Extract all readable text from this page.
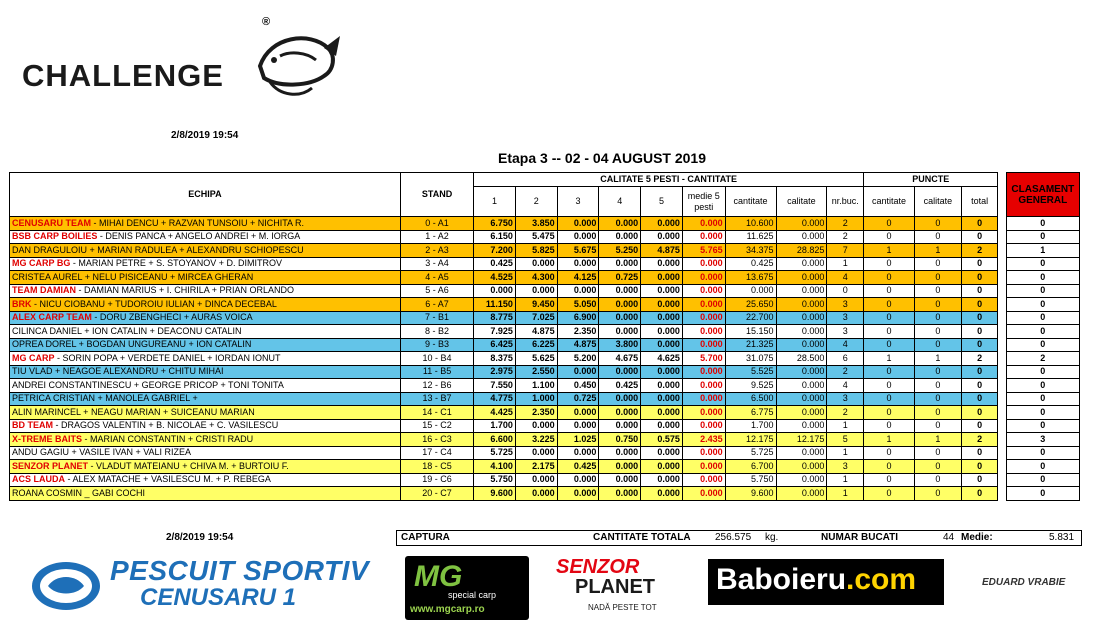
CHALLENGE
®
2/8/2019 19:54
Etapa 3 -- 02 - 04 AUGUST 2019
ECHIPA	STAND	CALITATE 5 PESTI - CANTITATE									PUNCTE				CLASAMENT GENERAL
		1	2	3	4	5	medie 5 pesti	cantitate	calitate	nr.buc.	cantitate	calitate	total		
CENUSARU TEAM - MIHAI DENCU + RAZVAN TUNSOIU + NICHITA R.	0 - A1	6.750	3.850	0.000	0.000	0.000	0.000	10.600	0.000	2	0	0	0		0
BSB CARP BOILIES - DENIS PANCA + ANGELO ANDREI + M. IORGA	1 - A2	6.150	5.475	0.000	0.000	0.000	0.000	11.625	0.000	2	0	0	0		0
DAN DRAGULOIU + MARIAN RADULEA + ALEXANDRU SCHIOPESCU	2 - A3	7.200	5.825	5.675	5.250	4.875	5.765	34.375	28.825	7	1	1	2		1
MG CARP BG - MARIAN PETRE + S. STOYANOV + D. DIMITROV	3 - A4	0.425	0.000	0.000	0.000	0.000	0.000	0.425	0.000	1	0	0	0		0
CRISTEA AUREL + NELU PISICEANU + MIRCEA GHERAN	4 - A5	4.525	4.300	4.125	0.725	0.000	0.000	13.675	0.000	4	0	0	0		0
TEAM DAMIAN - DAMIAN MARIUS + I. CHIRILA + PRIAN ORLANDO	5 - A6	0.000	0.000	0.000	0.000	0.000	0.000	0.000	0.000	0	0	0	0		0
BRK - NICU CIOBANU + TUDOROIU IULIAN + DINCA DECEBAL	6 - A7	11.150	9.450	5.050	0.000	0.000	0.000	25.650	0.000	3	0	0	0		0
ALEX CARP TEAM - DORU ZBENGHECI + AURAS VOICA	7 - B1	8.775	7.025	6.900	0.000	0.000	0.000	22.700	0.000	3	0	0	0		0
CILINCA DANIEL + ION CATALIN + DEACONU CATALIN	8 - B2	7.925	4.875	2.350	0.000	0.000	0.000	15.150	0.000	3	0	0	0		0
OPREA DOREL + BOGDAN UNGUREANU + ION CATALIN	9 - B3	6.425	6.225	4.875	3.800	0.000	0.000	21.325	0.000	4	0	0	0		0
MG CARP - SORIN POPA + VERDETE DANIEL + IORDAN IONUT	10 - B4	8.375	5.625	5.200	4.675	4.625	5.700	31.075	28.500	6	1	1	2		2
TIU VLAD + NEAGOE ALEXANDRU + CHITU MIHAI	11 - B5	2.975	2.550	0.000	0.000	0.000	0.000	5.525	0.000	2	0	0	0		0
ANDREI CONSTANTINESCU + GEORGE PRICOP + TONI TONITA	12 - B6	7.550	1.100	0.450	0.425	0.000	0.000	9.525	0.000	4	0	0	0		0
PETRICA CRISTIAN + MANOLEA GABRIEL +	13 - B7	4.775	1.000	0.725	0.000	0.000	0.000	6.500	0.000	3	0	0	0		0
ALIN MARINCEL + NEAGU MARIAN + SUICEANU MARIAN	14 - C1	4.425	2.350	0.000	0.000	0.000	0.000	6.775	0.000	2	0	0	0		0
BD TEAM - DRAGOS VALENTIN + B. NICOLAE + C. VASILESCU	15 - C2	1.700	0.000	0.000	0.000	0.000	0.000	1.700	0.000	1	0	0	0		0
X-TREME BAITS - MARIAN CONSTANTIN + CRISTI RADU	16 - C3	6.600	3.225	1.025	0.750	0.575	2.435	12.175	12.175	5	1	1	2		3
ANDU GAGIU + VASILE IVAN + VALI RIZEA	17 - C4	5.725	0.000	0.000	0.000	0.000	0.000	5.725	0.000	1	0	0	0		0
SENZOR PLANET - VLADUT MATEIANU + CHIVA M. + BURTOIU F.	18 - C5	4.100	2.175	0.425	0.000	0.000	0.000	6.700	0.000	3	0	0	0		0
ACS LAUDA - ALEX MATACHE + VASILESCU M. + P. REBEGA	19 - C6	5.750	0.000	0.000	0.000	0.000	0.000	5.750	0.000	1	0	0	0		0
ROANA COSMIN _ GABI COCHI	20 - C7	9.600	0.000	0.000	0.000	0.000	0.000	9.600	0.000	1	0	0	0		0
2/8/2019 19:54	CAPTURA	CANTITATE TOTALA 256.575 kg.	NUMAR BUCATI	44 Medie:	5.831
PESCUIT SPORTIV
CENUSARU 1
MG
special carp
www.mgcarp.ro
SENZOR
PLANET
NADĂ PESTE TOT
Baboieru.com	EDUARD VRABIE
